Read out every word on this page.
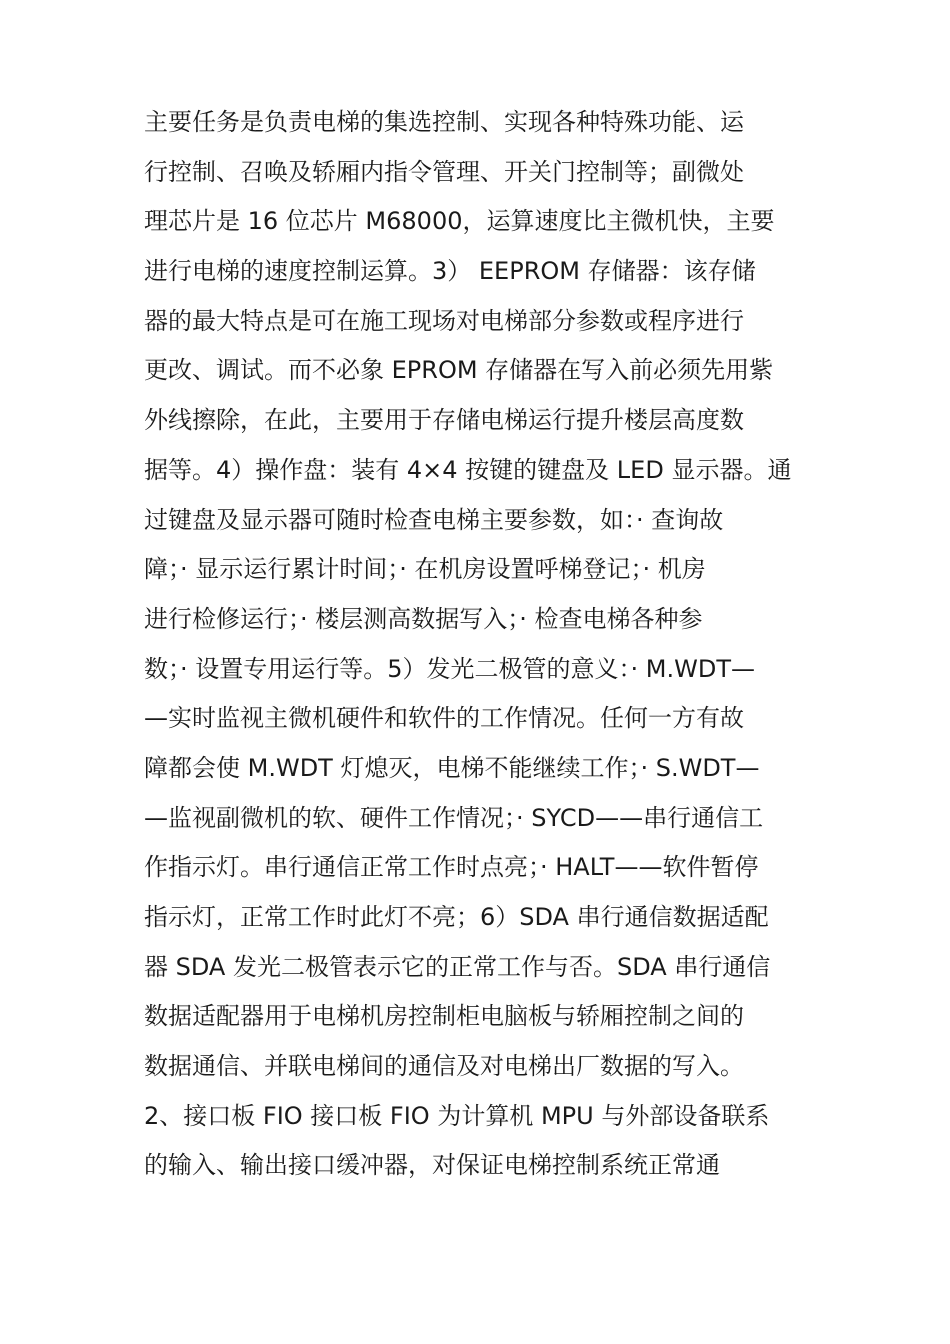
主要任务是负责电梯的集选控制、实现各种特殊功能、运
行控制、召唤及轿厢内指令管理、开关门控制等；副微处
理芯片是 16 位芯片 M68000，运算速度比主微机快，主要
进行电梯的速度控制运算。3） EEPROM 存储器：该存储
器的最大特点是可在施工现场对电梯部分参数或程序进行
更改、调试。而不必象 EPROM 存储器在写入前必须先用紫
外线擦除，在此，主要用于存储电梯运行提升楼层高度数
据等。4）操作盘：装有 4×4 按键的键盘及 LED 显示器。通
过键盘及显示器可随时检查电梯主要参数，如：· 查询故
障；· 显示运行累计时间；· 在机房设置呼梯登记；· 机房
进行检修运行；· 楼层测高数据写入；· 检查电梯各种参
数；· 设置专用运行等。5）发光二极管的意义：· M.WDT—
—实时监视主微机硬件和软件的工作情况。任何一方有故
障都会使 M.WDT 灯熄灭，电梯不能继续工作；· S.WDT—
—监视副微机的软、硬件工作情况；· SYCD——串行通信工
作指示灯。串行通信正常工作时点亮；· HALT——软件暂停
指示灯，正常工作时此灯不亮；6）SDA 串行通信数据适配
器 SDA 发光二极管表示它的正常工作与否。SDA 串行通信
数据适配器用于电梯机房控制柜电脑板与轿厢控制之间的
数据通信、并联电梯间的通信及对电梯出厂数据的写入。
2、接口板 FIO 接口板 FIO 为计算机 MPU 与外部设备联系
的输入、输出接口缓冲器，对保证电梯控制系统正常通
